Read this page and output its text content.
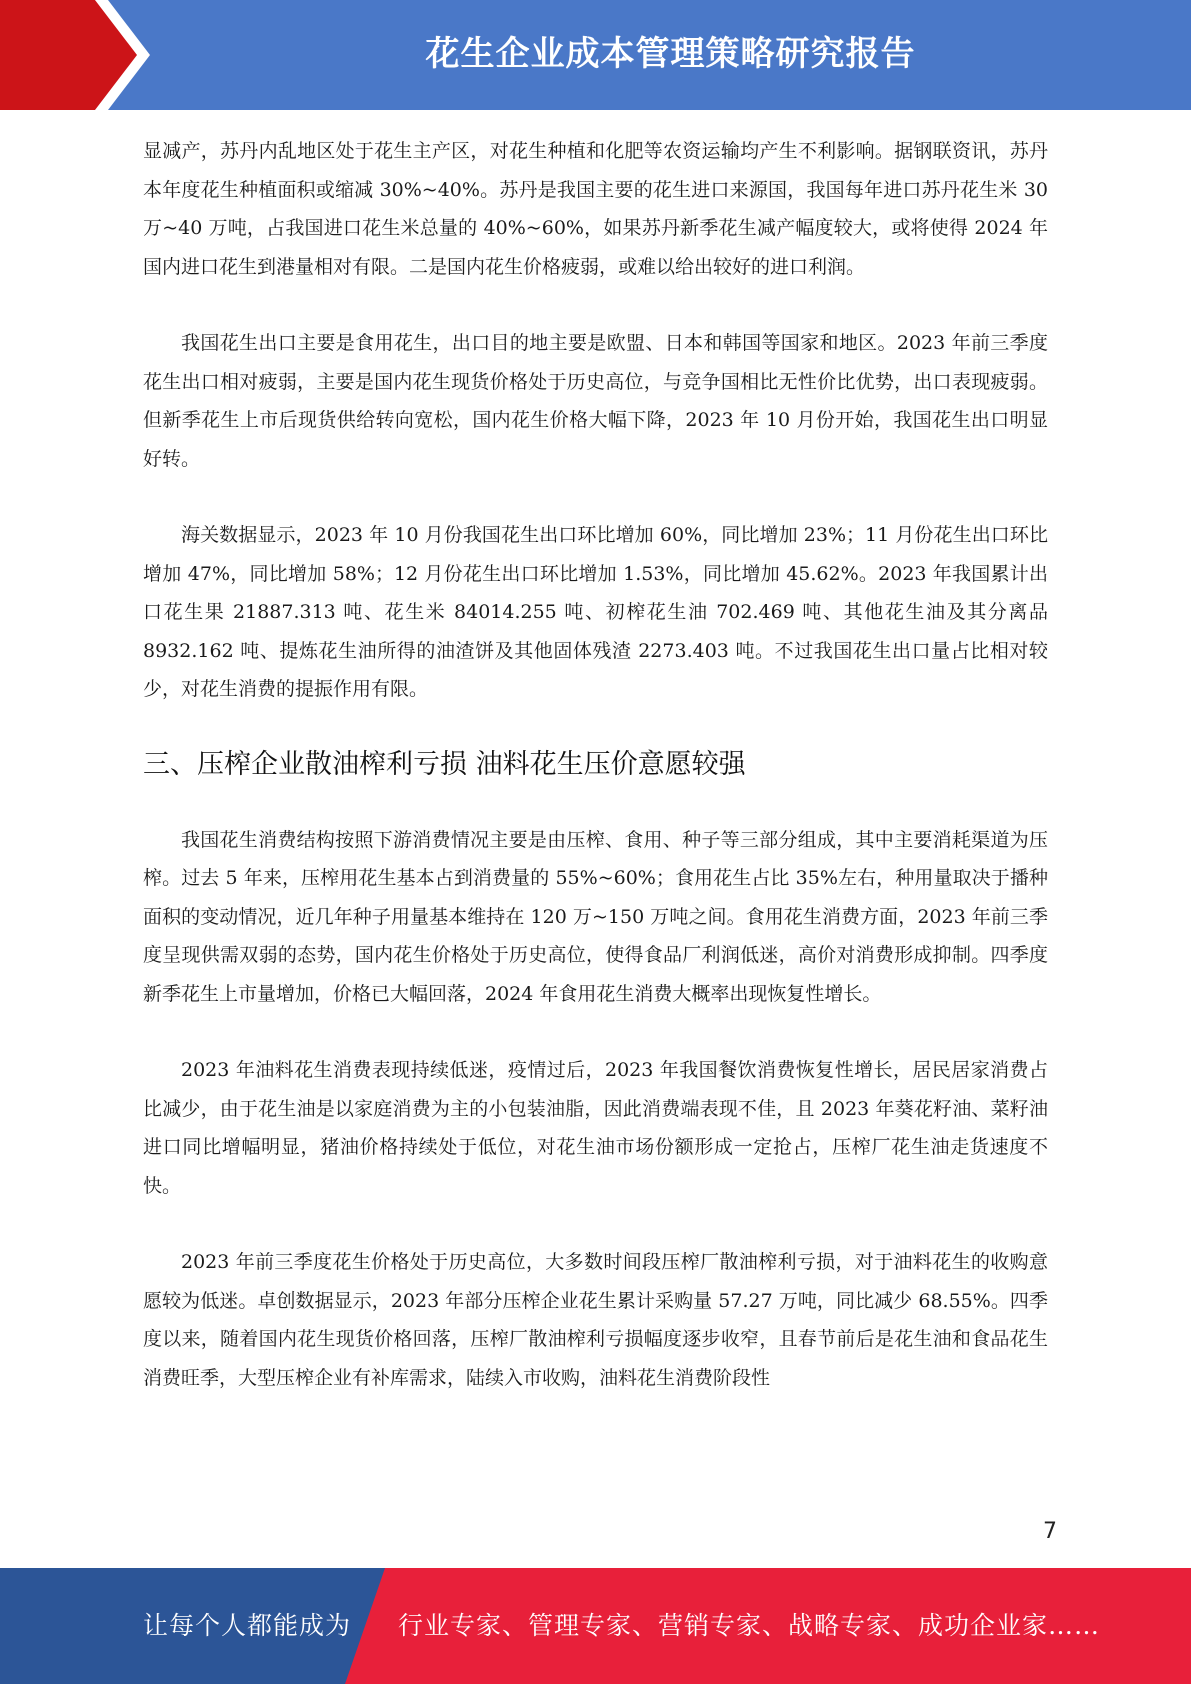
花生企业成本管理策略研究报告

显减产，苏丹内乱地区处于花生主产区，对花生种植和化肥等农资运输均产生不利影响。据钢联资讯，苏丹本年度花生种植面积或缩减 30%~40%。苏丹是我国主要的花生进口来源国，我国每年进口苏丹花生米 30 万~40 万吨，占我国进口花生米总量的 40%~60%，如果苏丹新季花生减产幅度较大，或将使得 2024 年国内进口花生到港量相对有限。二是国内花生价格疲弱，或难以给出较好的进口利润。

我国花生出口主要是食用花生，出口目的地主要是欧盟、日本和韩国等国家和地区。2023 年前三季度花生出口相对疲弱，主要是国内花生现货价格处于历史高位，与竞争国相比无性价比优势，出口表现疲弱。但新季花生上市后现货供给转向宽松，国内花生价格大幅下降，2023 年 10 月份开始，我国花生出口明显好转。

海关数据显示，2023 年 10 月份我国花生出口环比增加 60%，同比增加 23%；11 月份花生出口环比增加 47%，同比增加 58%；12 月份花生出口环比增加 1.53%，同比增加 45.62%。2023 年我国累计出口花生果 21887.313 吨、花生米 84014.255 吨、初榨花生油 702.469 吨、其他花生油及其分离品 8932.162 吨、提炼花生油所得的油渣饼及其他固体残渣 2273.403 吨。不过我国花生出口量占比相对较少，对花生消费的提振作用有限。

三、压榨企业散油榨利亏损 油料花生压价意愿较强

我国花生消费结构按照下游消费情况主要是由压榨、食用、种子等三部分组成，其中主要消耗渠道为压榨。过去 5 年来，压榨用花生基本占到消费量的 55%~60%；食用花生占比 35%左右，种用量取决于播种面积的变动情况，近几年种子用量基本维持在 120 万~150 万吨之间。食用花生消费方面，2023 年前三季度呈现供需双弱的态势，国内花生价格处于历史高位，使得食品厂利润低迷，高价对消费形成抑制。四季度新季花生上市量增加，价格已大幅回落，2024 年食用花生消费大概率出现恢复性增长。

2023 年油料花生消费表现持续低迷，疫情过后，2023 年我国餐饮消费恢复性增长，居民居家消费占比减少，由于花生油是以家庭消费为主的小包装油脂，因此消费端表现不佳，且 2023 年葵花籽油、菜籽油进口同比增幅明显，猪油价格持续处于低位，对花生油市场份额形成一定抢占，压榨厂花生油走货速度不快。

2023 年前三季度花生价格处于历史高位，大多数时间段压榨厂散油榨利亏损，对于油料花生的收购意愿较为低迷。卓创数据显示，2023 年部分压榨企业花生累计采购量 57.27 万吨，同比减少 68.55%。四季度以来，随着国内花生现货价格回落，压榨厂散油榨利亏损幅度逐步收窄，且春节前后是花生油和食品花生消费旺季，大型压榨企业有补库需求，陆续入市收购，油料花生消费阶段性

7
让每个人都能成为 行业专家、管理专家、营销专家、战略专家、成功企业家……
